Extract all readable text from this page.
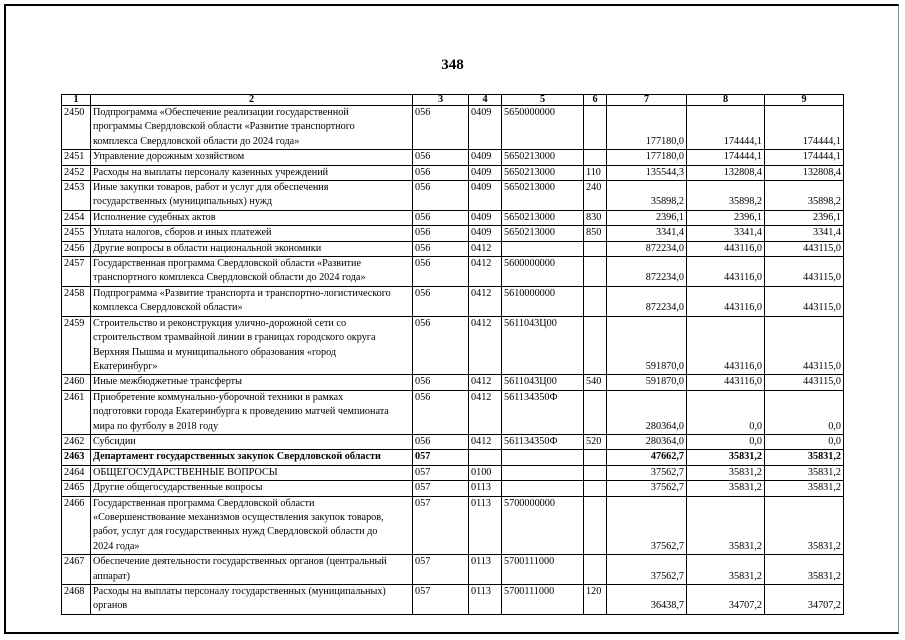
348
1	2	3	4	5	6	7	8	9
2450	Подпрограмма «Обеспечение реализации государственной
программы Свердловской области «Развитие транспортного
комплекса Свердловской области до 2024 года»	056	0409	5650000000		177180,0	174444,1	174444,1
2451	Управление дорожным хозяйством	056	0409	5650213000		177180,0	174444,1	174444,1
2452	Расходы на выплаты персоналу казенных учреждений	056	0409	5650213000	110	135544,3	132808,4	132808,4
2453	Иные закупки товаров, работ и услуг для обеспечения
государственных (муниципальных) нужд	056	0409	5650213000	240	35898,2	35898,2	35898,2
2454	Исполнение судебных актов	056	0409	5650213000	830	2396,1	2396,1	2396,1
2455	Уплата налогов, сборов и иных платежей	056	0409	5650213000	850	3341,4	3341,4	3341,4
2456	Другие вопросы в области национальной экономики	056	0412			872234,0	443116,0	443115,0
2457	Государственная программа Свердловской области «Развитие
транспортного комплекса Свердловской области до 2024 года»	056	0412	5600000000		872234,0	443116,0	443115,0
2458	Подпрограмма «Развитие транспорта и транспортно-логистического
комплекса Свердловской области»	056	0412	5610000000		872234,0	443116,0	443115,0
2459	Строительство и реконструкция улично-дорожной сети со
строительством трамвайной линии в границах городского округа
Верхняя Пышма и муниципального образования «город
Екатеринбург»	056	0412	5611043Ц00		591870,0	443116,0	443115,0
2460	Иные межбюджетные трансферты	056	0412	5611043Ц00	540	591870,0	443116,0	443115,0
2461	Приобретение коммунально-уборочной техники в рамках
подготовки города Екатеринбурга к проведению матчей чемпионата
мира по футболу в 2018 году	056	0412	561134350Ф		280364,0	0,0	0,0
2462	Субсидии	056	0412	561134350Ф	520	280364,0	0,0	0,0
2463	Департамент государственных закупок Свердловской области	057				47662,7	35831,2	35831,2
2464	ОБЩЕГОСУДАРСТВЕННЫЕ ВОПРОСЫ	057	0100			37562,7	35831,2	35831,2
2465	Другие общегосударственные вопросы	057	0113			37562,7	35831,2	35831,2
2466	Государственная программа Свердловской области
«Совершенствование механизмов осуществления закупок товаров,
работ, услуг для государственных нужд Свердловской области до
2024 года»	057	0113	5700000000		37562,7	35831,2	35831,2
2467	Обеспечение деятельности государственных органов (центральный
аппарат)	057	0113	5700111000		37562,7	35831,2	35831,2
2468	Расходы на выплаты персоналу государственных (муниципальных)
органов	057	0113	5700111000	120	36438,7	34707,2	34707,2
